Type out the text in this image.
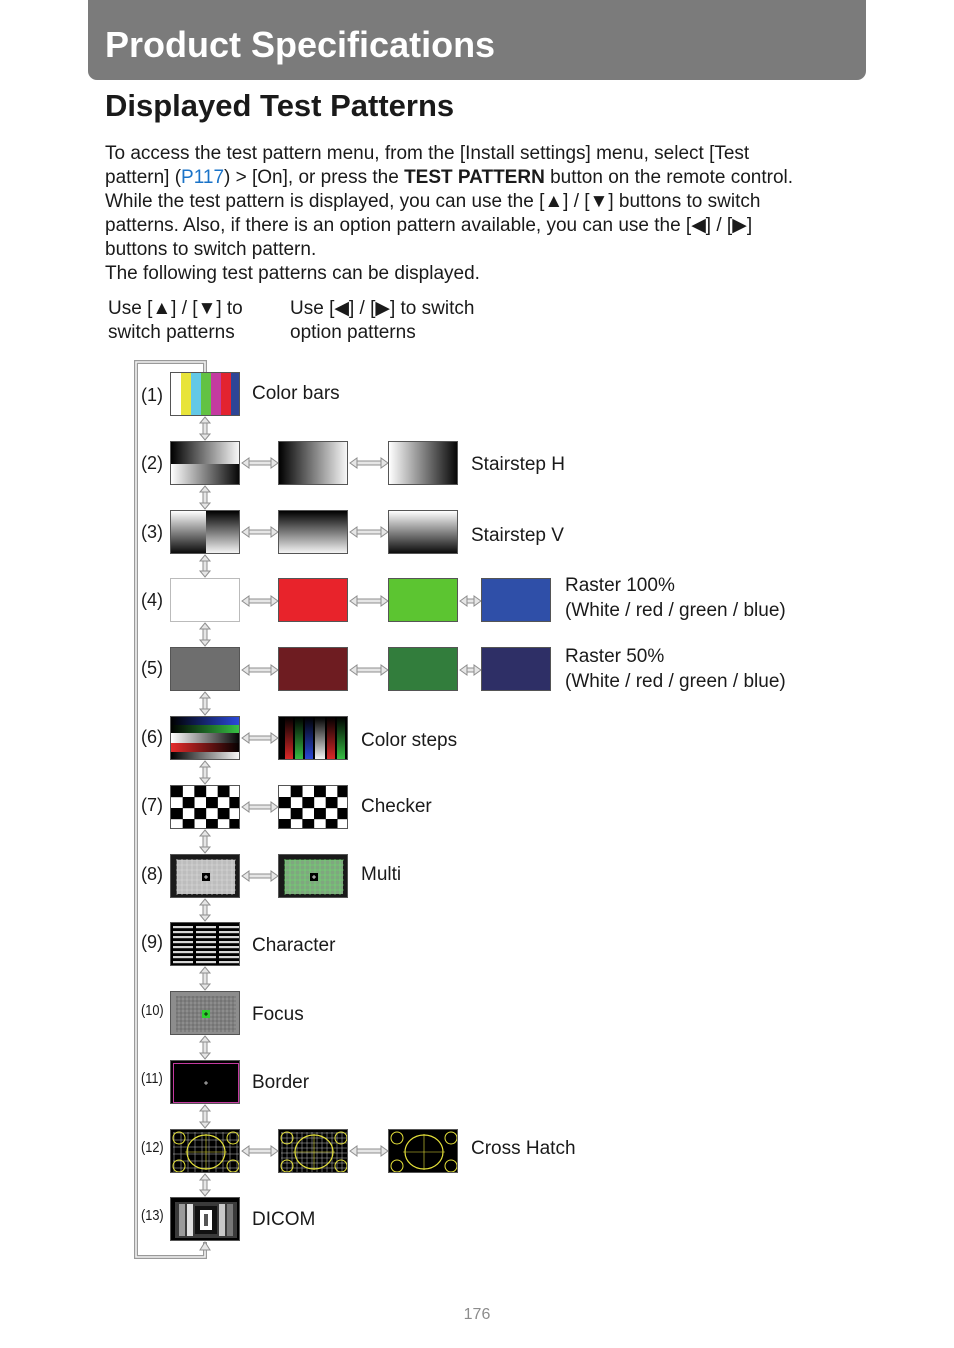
Product Specifications
Displayed Test Patterns
To access the test pattern menu, from the [Install settings] menu, select [Test
pattern] (P117) > [On], or press the TEST PATTERN button on the remote control.
While the test pattern is displayed, you can use the [▲] / [▼] buttons to switch
patterns. Also, if there is an option pattern available, you can use the [◀] / [▶]
buttons to switch pattern.
The following test patterns can be displayed.
Use [▲] / [▼] to
switch patterns
Use [◀] / [▶] to switch
option patterns
(1)
(2)
(3)
(4)
(5)
(6)
(7)
(8)
(9)
(10)
(11)
(12)
(13)
Color bars
Stairstep H
Stairstep V
Raster 100%
(White / red / green / blue)
Raster 50%
(White / red / green / blue)
Color steps
Checker
Multi
Character
Focus
Border
Cross Hatch
DICOM
176
